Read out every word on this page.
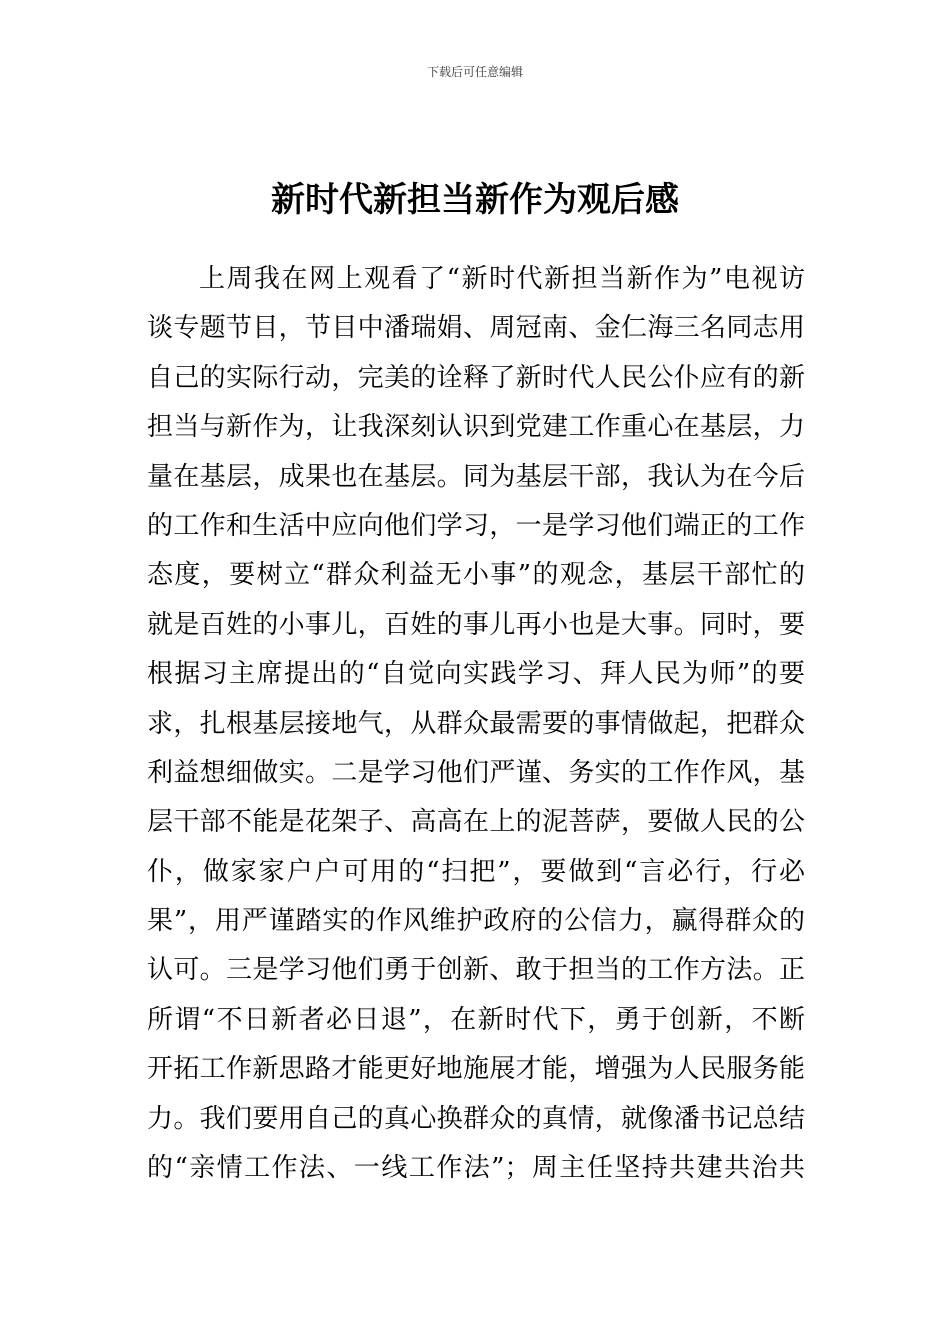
下载后可任意编辑
新时代新担当新作为观后感
上周我在网上观看了“新时代新担当新作为”电视访
谈专题节目，节目中潘瑞娟、周冠南、金仁海三名同志用
自己的实际行动，完美的诠释了新时代人民公仆应有的新
担当与新作为，让我深刻认识到党建工作重心在基层，力
量在基层，成果也在基层。同为基层干部，我认为在今后
的工作和生活中应向他们学习，一是学习他们端正的工作
态度，要树立“群众利益无小事”的观念，基层干部忙的
就是百姓的小事儿，百姓的事儿再小也是大事。同时，要
根据习主席提出的“自觉向实践学习、拜人民为师”的要
求，扎根基层接地气，从群众最需要的事情做起，把群众
利益想细做实。二是学习他们严谨、务实的工作作风，基
层干部不能是花架子、高高在上的泥菩萨，要做人民的公
仆，做家家户户可用的“扫把”，要做到“言必行，行必
果”，用严谨踏实的作风维护政府的公信力，赢得群众的
认可。三是学习他们勇于创新、敢于担当的工作方法。正
所谓“不日新者必日退”，在新时代下，勇于创新，不断
开拓工作新思路才能更好地施展才能，增强为人民服务能
力。我们要用自己的真心换群众的真情，就像潘书记总结
的“亲情工作法、一线工作法”；周主任坚持共建共治共
